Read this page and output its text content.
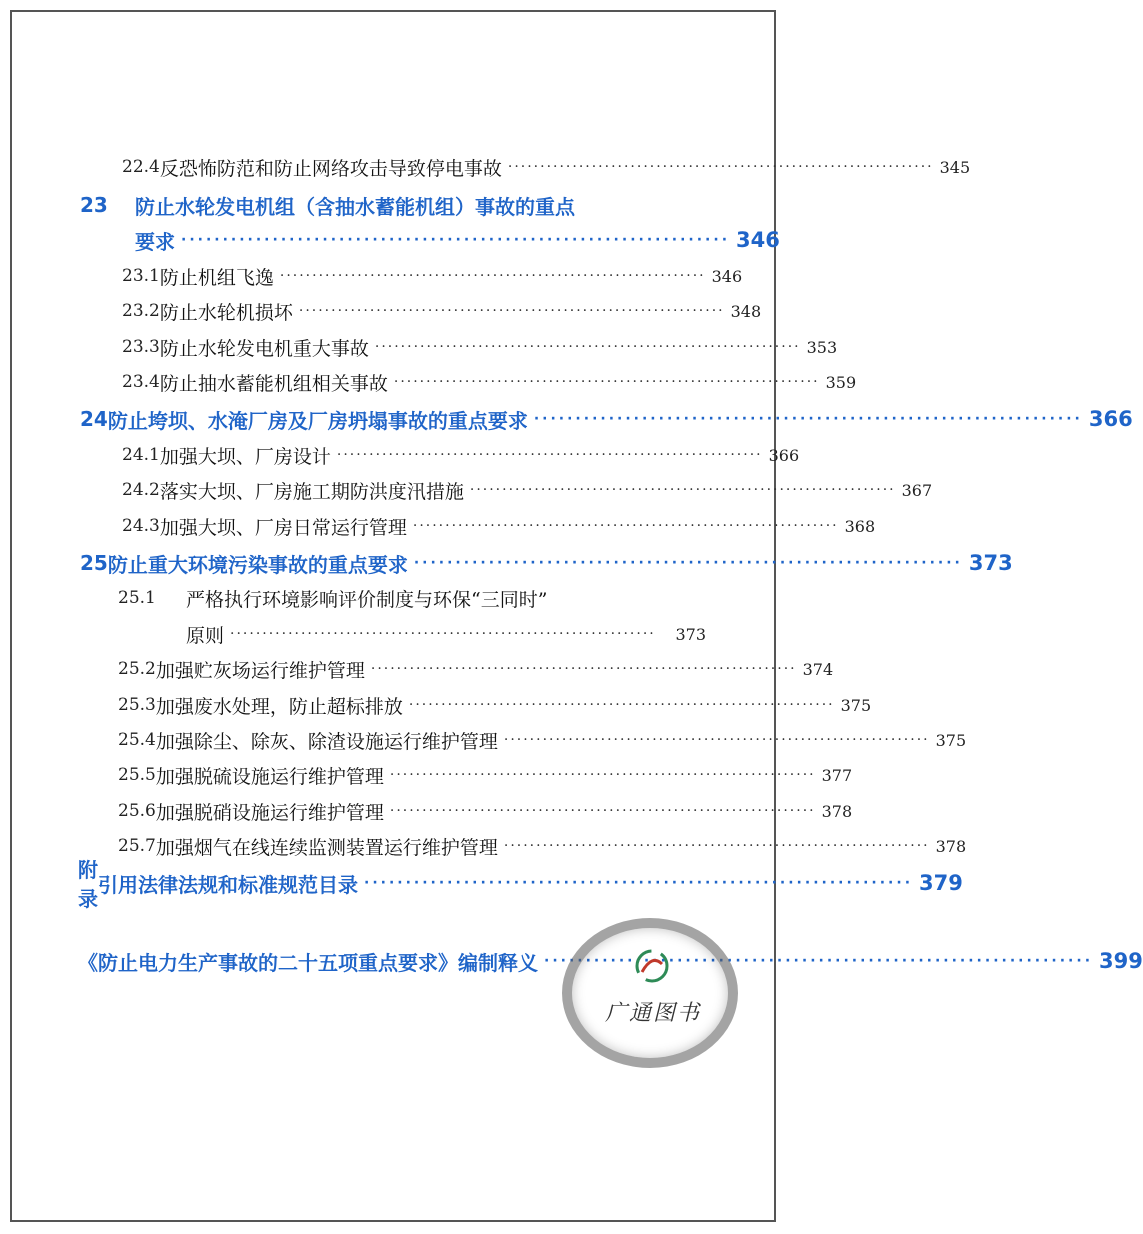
22.4 反恐怖防范和防止网络攻击导致停电事故 ·································································· 345
23	防止水轮发电机组（含抽水蓄能机组）事故的重点
要求 ·································································· 346
23.1 防止机组飞逸 ·································································· 346
23.2 防止水轮机损坏 ·································································· 348
23.3 防止水轮发电机重大事故 ·································································· 353
23.4 防止抽水蓄能机组相关事故 ·································································· 359
24 防止垮坝、水淹厂房及厂房坍塌事故的重点要求 ·································································· 366
24.1 加强大坝、厂房设计 ·································································· 366
24.2 落实大坝、厂房施工期防洪度汛措施 ·································································· 367
24.3 加强大坝、厂房日常运行管理 ·································································· 368
25 防止重大环境污染事故的重点要求 ·································································· 373
25.1	严格执行环境影响评价制度与环保“三同时”
原则 ··································································	373
25.2 加强贮灰场运行维护管理 ·································································· 374
25.3 加强废水处理，防止超标排放 ·································································· 375
25.4 加强除尘、除灰、除渣设施运行维护管理 ·································································· 375
25.5 加强脱硫设施运行维护管理 ·································································· 377
25.6 加强脱硝设施运行维护管理 ·································································· 378
25.7 加强烟气在线连续监测装置运行维护管理 ·································································· 378
附录
引用法律法规和标准规范目录 ·································································· 379
《防止电力生产事故的二十五项重点要求》编制释义 ·································································· 399
广通图书
